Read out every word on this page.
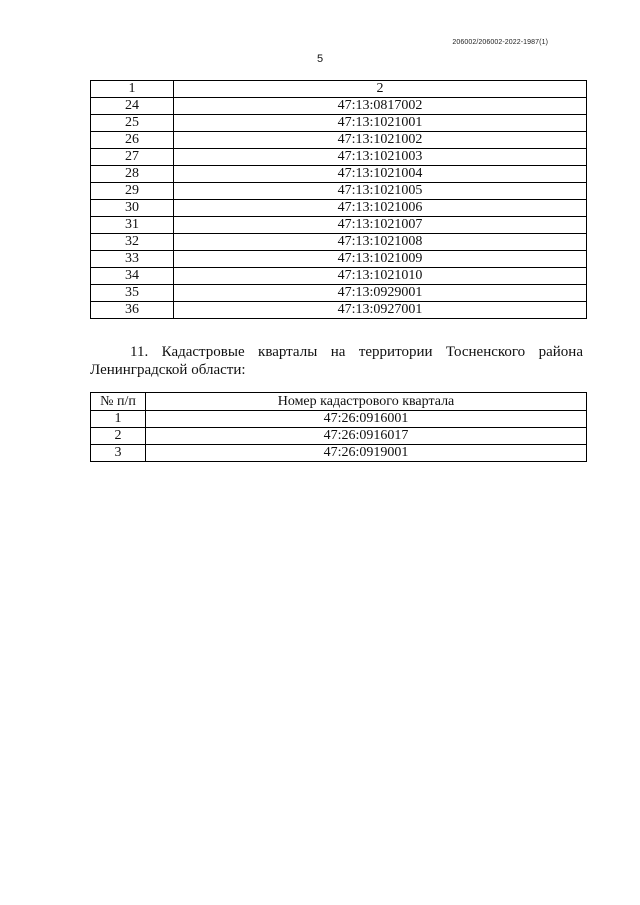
206002/206002-2022-1987(1)
5
1	2
24	47:13:0817002
25	47:13:1021001
26	47:13:1021002
27	47:13:1021003
28	47:13:1021004
29	47:13:1021005
30	47:13:1021006
31	47:13:1021007
32	47:13:1021008
33	47:13:1021009
34	47:13:1021010
35	47:13:0929001
36	47:13:0927001
11. Кадастровые кварталы на территории Тосненского района
Ленинградской области:
№ п/п	Номер кадастрового квартала
1	47:26:0916001
2	47:26:0916017
3	47:26:0919001
